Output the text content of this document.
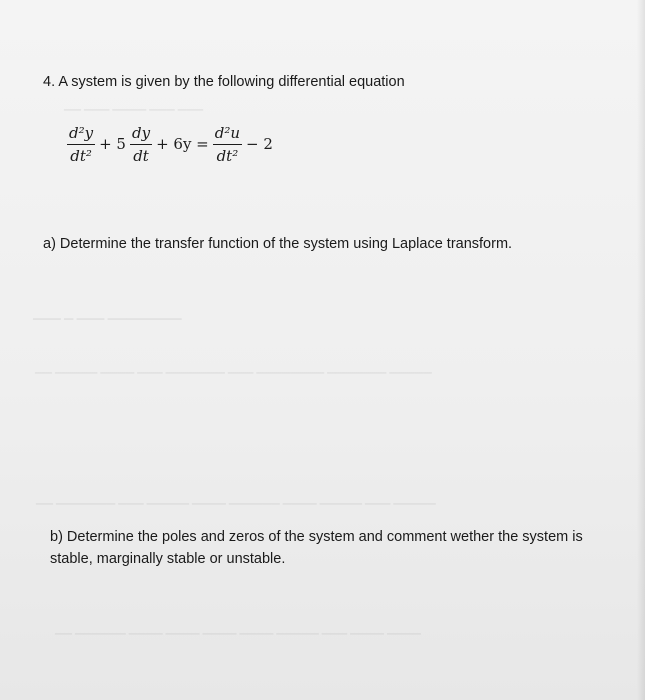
▁▁ ▁▁▁ ▁▁▁▁ ▁▁▁ ▁▁▁
▁▁▁ ▁ ▁▁▁ ▁▁▁▁▁▁▁▁
▁▁ ▁▁▁▁▁ ▁▁▁▁ ▁▁▁ ▁▁▁▁▁▁▁ ▁▁▁ ▁▁▁▁▁▁▁▁ ▁▁▁▁▁▁▁ ▁▁▁▁▁
▁▁ ▁▁▁▁▁▁▁ ▁▁▁ ▁▁▁▁▁ ▁▁▁▁ ▁▁▁▁▁▁ ▁▁▁▁ ▁▁▁▁▁ ▁▁▁ ▁▁▁▁▁
▁▁ ▁▁▁▁▁▁ ▁▁▁▁ ▁▁▁▁ ▁▁▁▁ ▁▁▁▁ ▁▁▁▁▁ ▁▁▁ ▁▁▁▁ ▁▁▁▁
4. A system is given by the following differential equation
$\frac{\text{d²y}}{\text{dt²}} + 5 \frac{dy}{dt} + 6y = \frac{\text{d²u}}{\text{dt²}} - 2$
a) Determine the transfer function of the system using Laplace transform.
b) Determine the poles and zeros of the system and comment wether the system is
stable, marginally stable or unstable.
